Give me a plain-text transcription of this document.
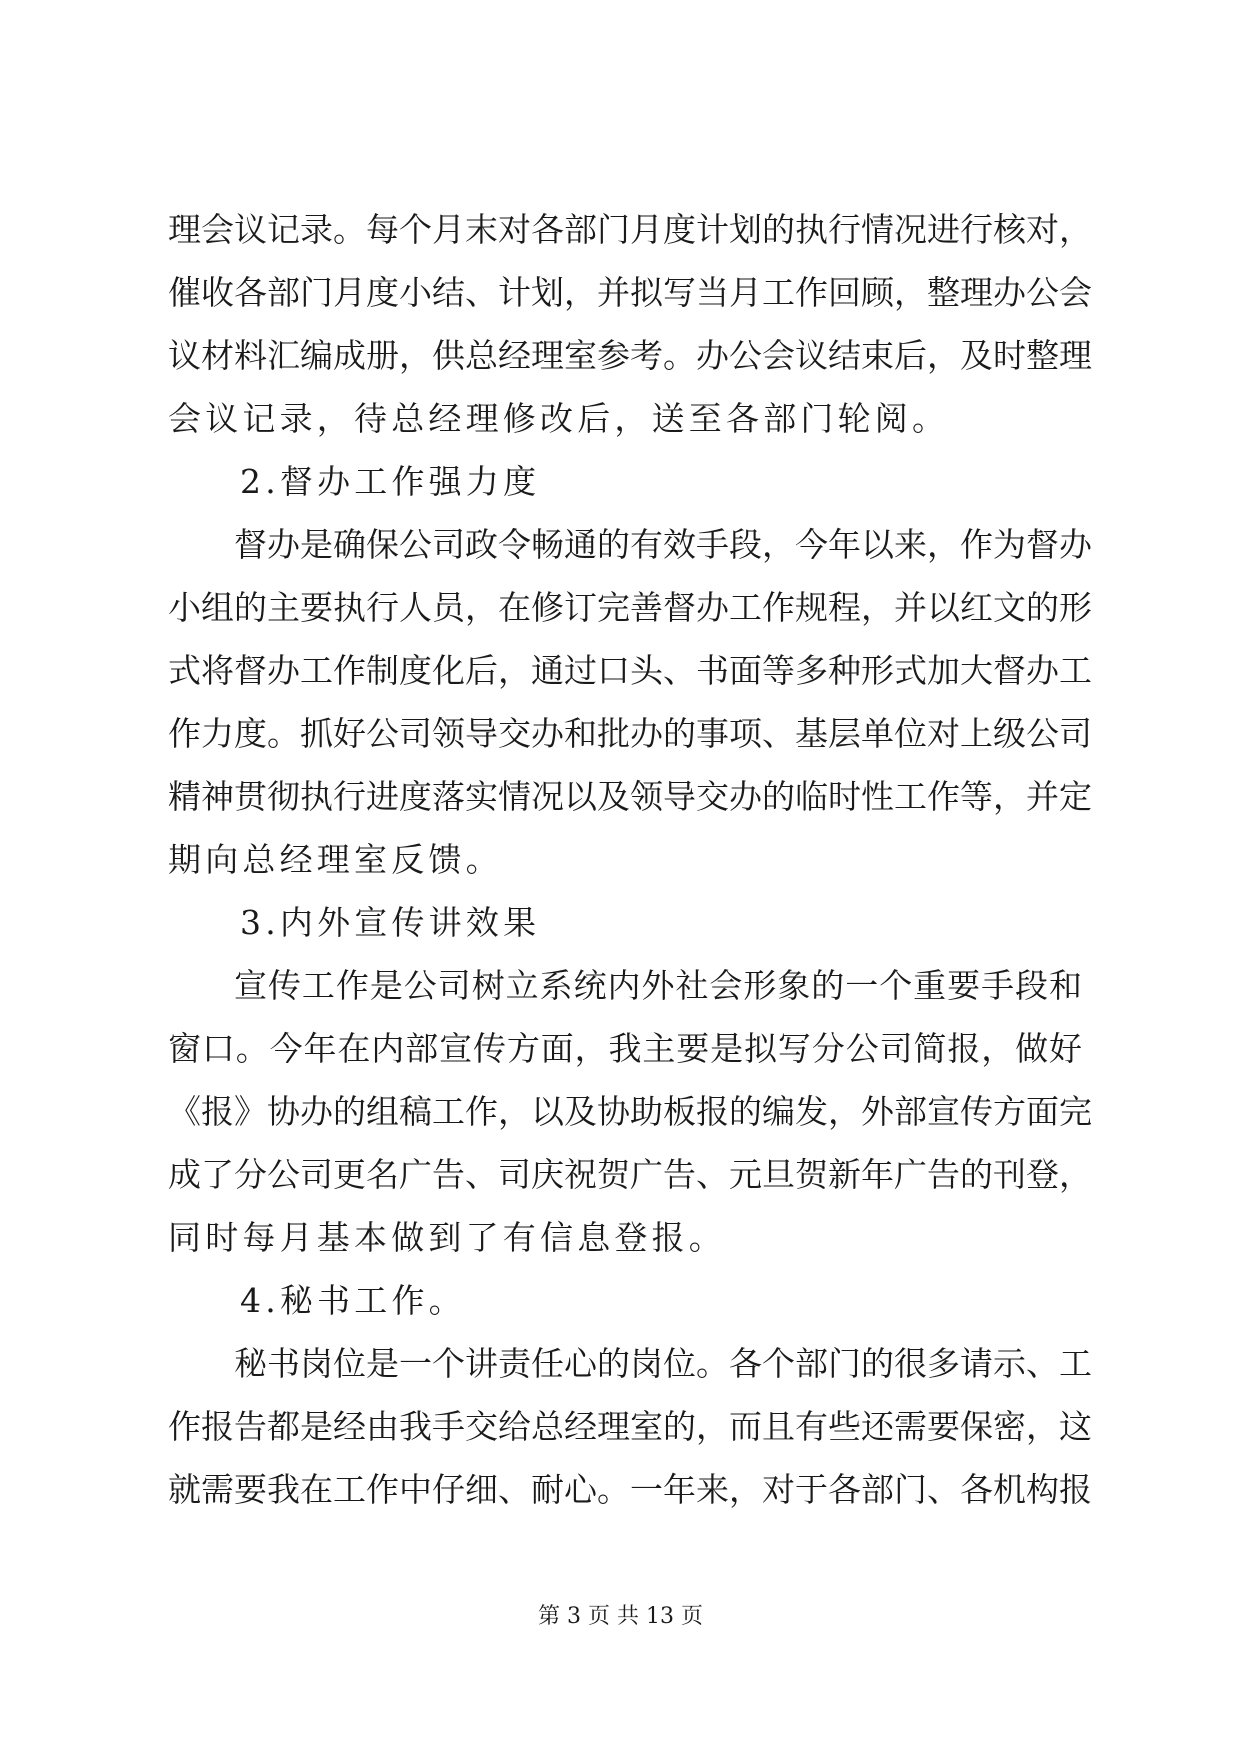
理会议记录。每个月末对各部门月度计划的执行情况进行核对，
催收各部门月度小结、计划，并拟写当月工作回顾，整理办公会
议材料汇编成册，供总经理室参考。办公会议结束后，及时整理
会议记录，待总经理修改后，送至各部门轮阅。
2.督办工作强力度
督办是确保公司政令畅通的有效手段，今年以来，作为督办
小组的主要执行人员，在修订完善督办工作规程，并以红文的形
式将督办工作制度化后，通过口头、书面等多种形式加大督办工
作力度。抓好公司领导交办和批办的事项、基层单位对上级公司
精神贯彻执行进度落实情况以及领导交办的临时性工作等，并定
期向总经理室反馈。
3.内外宣传讲效果
宣传工作是公司树立系统内外社会形象的一个重要手段和
窗口。今年在内部宣传方面，我主要是拟写分公司简报，做好
《报》协办的组稿工作，以及协助板报的编发，外部宣传方面完
成了分公司更名广告、司庆祝贺广告、元旦贺新年广告的刊登，
同时每月基本做到了有信息登报。
4.秘书工作。
秘书岗位是一个讲责任心的岗位。各个部门的很多请示、工
作报告都是经由我手交给总经理室的，而且有些还需要保密，这
就需要我在工作中仔细、耐心。一年来，对于各部门、各机构报
第 3 页 共 13 页
